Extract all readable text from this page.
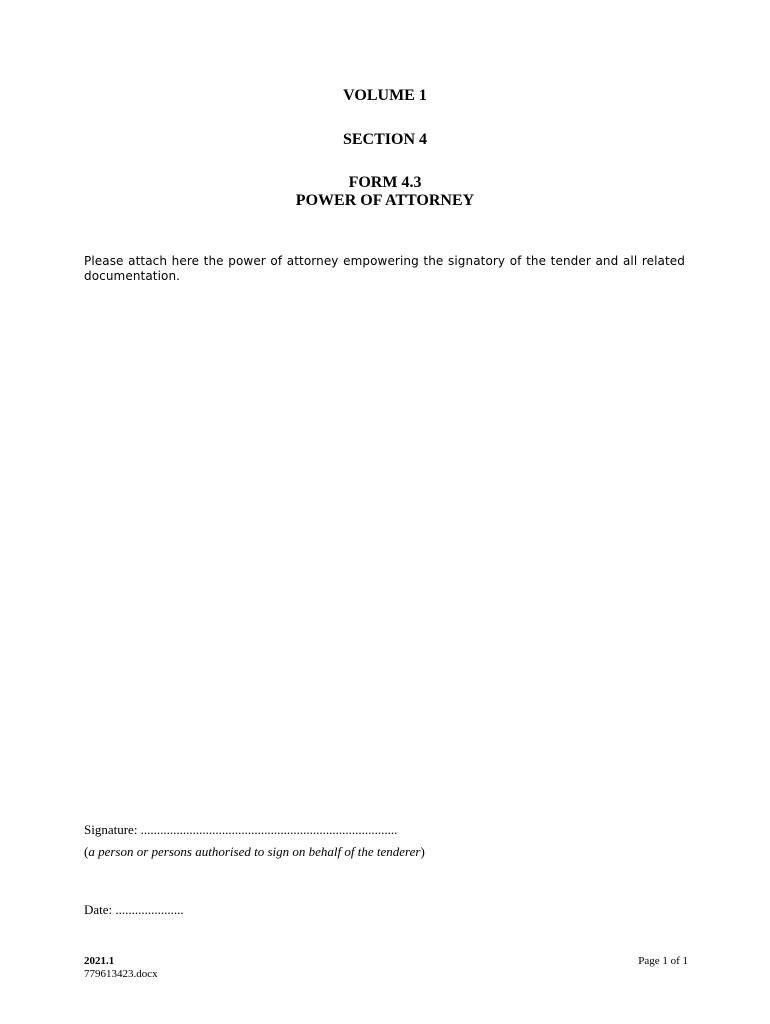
VOLUME 1
SECTION 4
FORM 4.3
POWER OF ATTORNEY
Please attach here the power of attorney empowering the signatory of the tender and all related documentation.
Signature: ...............................................................................
(a person or persons authorised to sign on behalf of the tenderer)
Date: .....................
2021.1
779613423.docx
Page 1 of 1
